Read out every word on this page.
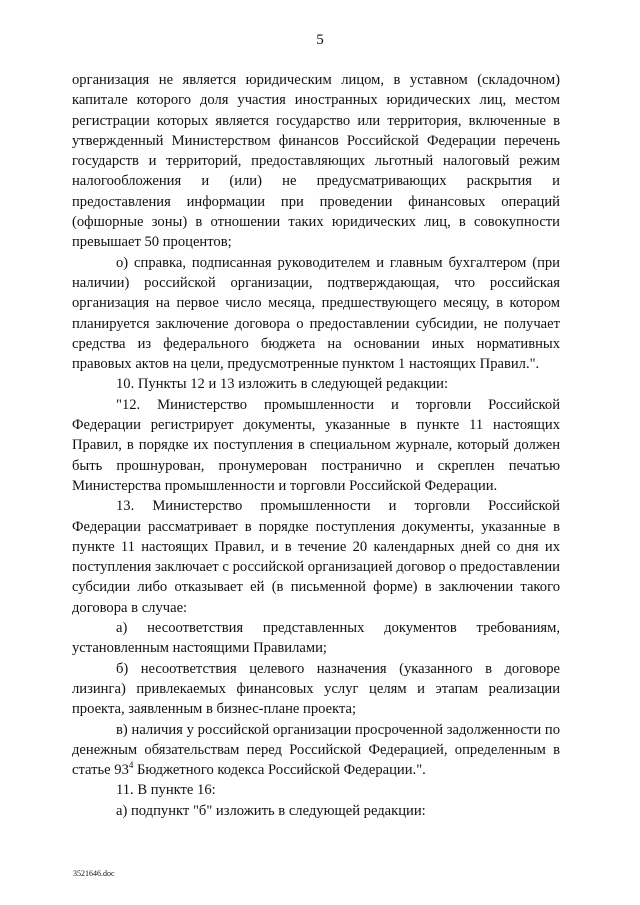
5

организация не является юридическим лицом, в уставном (складочном) капитале которого доля участия иностранных юридических лиц, местом регистрации которых является государство или территория, включенные в утвержденный Министерством финансов Российской Федерации перечень государств и территорий, предоставляющих льготный налоговый режим налогообложения и (или) не предусматривающих раскрытия и предоставления информации при проведении финансовых операций (офшорные зоны) в отношении таких юридических лиц, в совокупности превышает 50 процентов;

о) справка, подписанная руководителем и главным бухгалтером (при наличии) российской организации, подтверждающая, что российская организация на первое число месяца, предшествующего месяцу, в котором планируется заключение договора о предоставлении субсидии, не получает средства из федерального бюджета на основании иных нормативных правовых актов на цели, предусмотренные пунктом 1 настоящих Правил.".

10. Пункты 12 и 13 изложить в следующей редакции:

"12. Министерство промышленности и торговли Российской Федерации регистрирует документы, указанные в пункте 11 настоящих Правил, в порядке их поступления в специальном журнале, который должен быть прошнурован, пронумерован постранично и скреплен печатью Министерства промышленности и торговли Российской Федерации.

13. Министерство промышленности и торговли Российской Федерации рассматривает в порядке поступления документы, указанные в пункте 11 настоящих Правил, и в течение 20 календарных дней со дня их поступления заключает с российской организацией договор о предоставлении субсидии либо отказывает ей (в письменной форме) в заключении такого договора в случае:

а) несоответствия представленных документов требованиям, установленным настоящими Правилами;

б) несоответствия целевого назначения (указанного в договоре лизинга) привлекаемых финансовых услуг целям и этапам реализации проекта, заявленным в бизнес-плане проекта;

в) наличия у российской организации просроченной задолженности по денежным обязательствам перед Российской Федерацией, определенным в статье $93^4$ Бюджетного кодекса Российской Федерации.".

11. В пункте 16:

а) подпункт "б" изложить в следующей редакции:

3521646.doc
